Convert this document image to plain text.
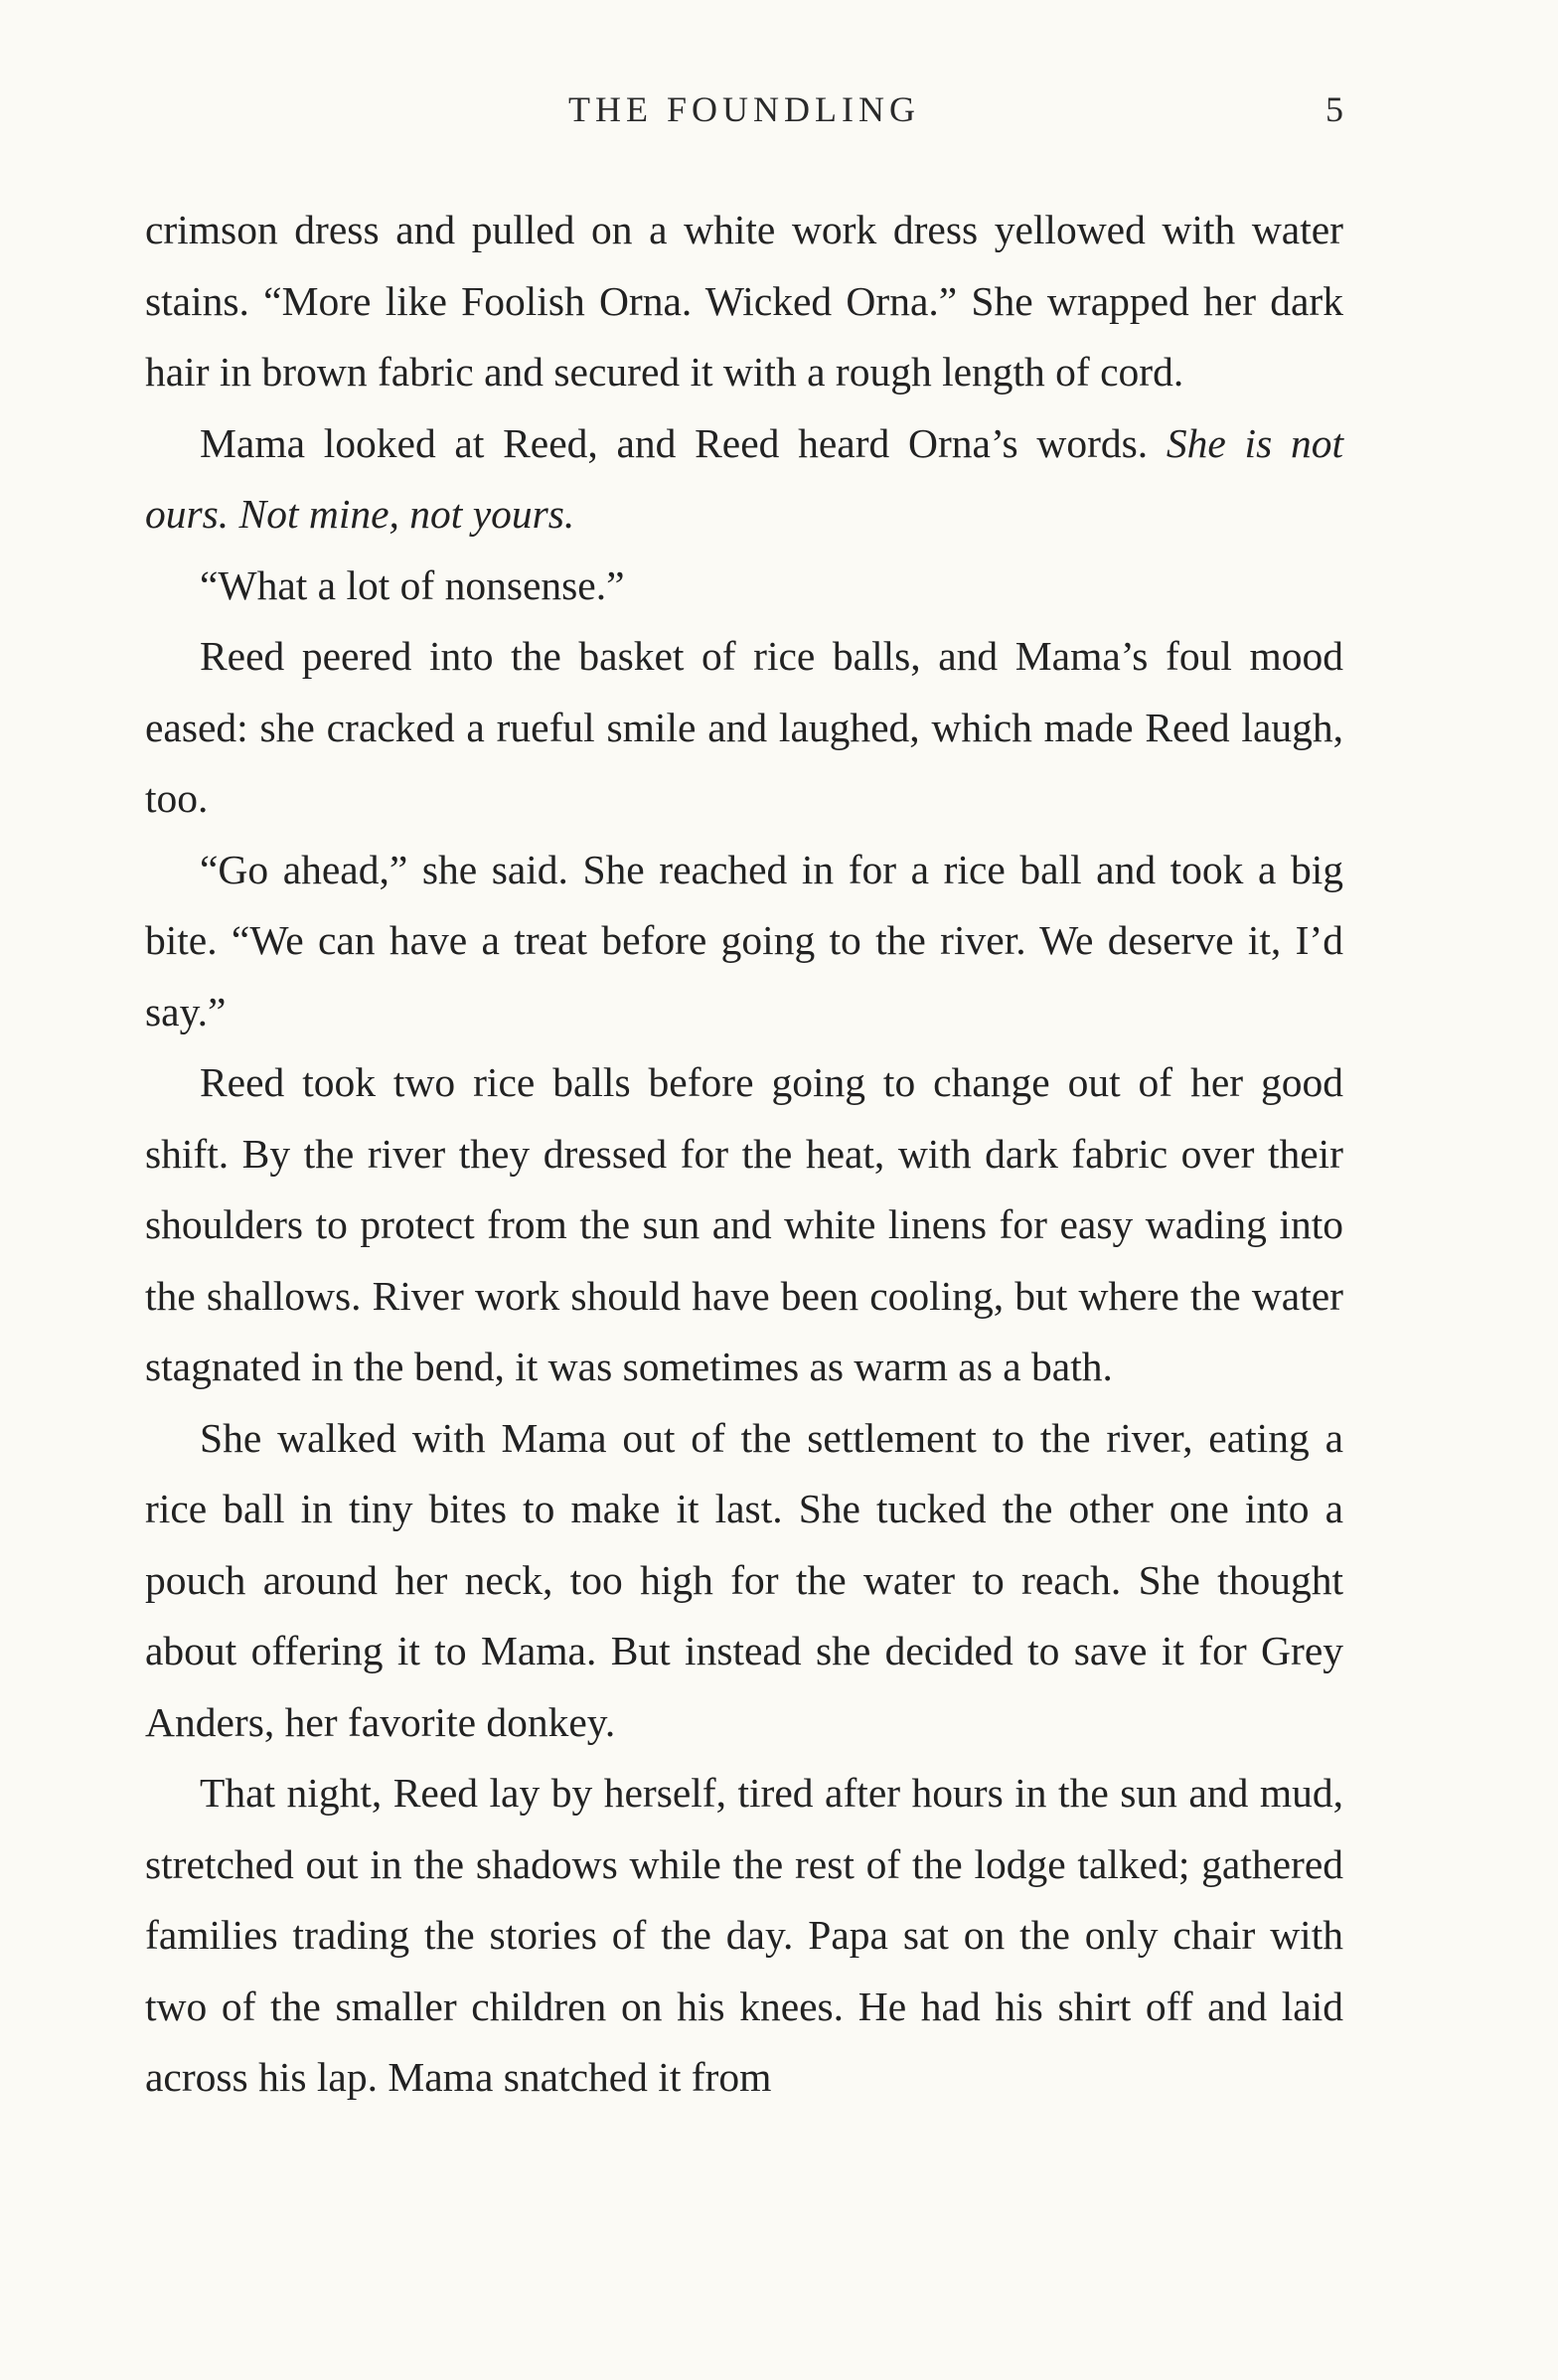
THE FOUNDLING	5

crimson dress and pulled on a white work dress yellowed with water stains. “More like Foolish Orna. Wicked Orna.” She wrapped her dark hair in brown fabric and secured it with a rough length of cord.

Mama looked at Reed, and Reed heard Orna’s words. She is not ours. Not mine, not yours.

“What a lot of nonsense.”

Reed peered into the basket of rice balls, and Mama’s foul mood eased: she cracked a rueful smile and laughed, which made Reed laugh, too.

“Go ahead,” she said. She reached in for a rice ball and took a big bite. “We can have a treat before going to the river. We deserve it, I’d say.”

Reed took two rice balls before going to change out of her good shift. By the river they dressed for the heat, with dark fabric over their shoulders to protect from the sun and white linens for easy wading into the shallows. River work should have been cooling, but where the water stagnated in the bend, it was sometimes as warm as a bath.

She walked with Mama out of the settlement to the river, eating a rice ball in tiny bites to make it last. She tucked the other one into a pouch around her neck, too high for the water to reach. She thought about offering it to Mama. But instead she decided to save it for Grey Anders, her favorite donkey.

That night, Reed lay by herself, tired after hours in the sun and mud, stretched out in the shadows while the rest of the lodge talked; gathered families trading the stories of the day. Papa sat on the only chair with two of the smaller children on his knees. He had his shirt off and laid across his lap. Mama snatched it from
